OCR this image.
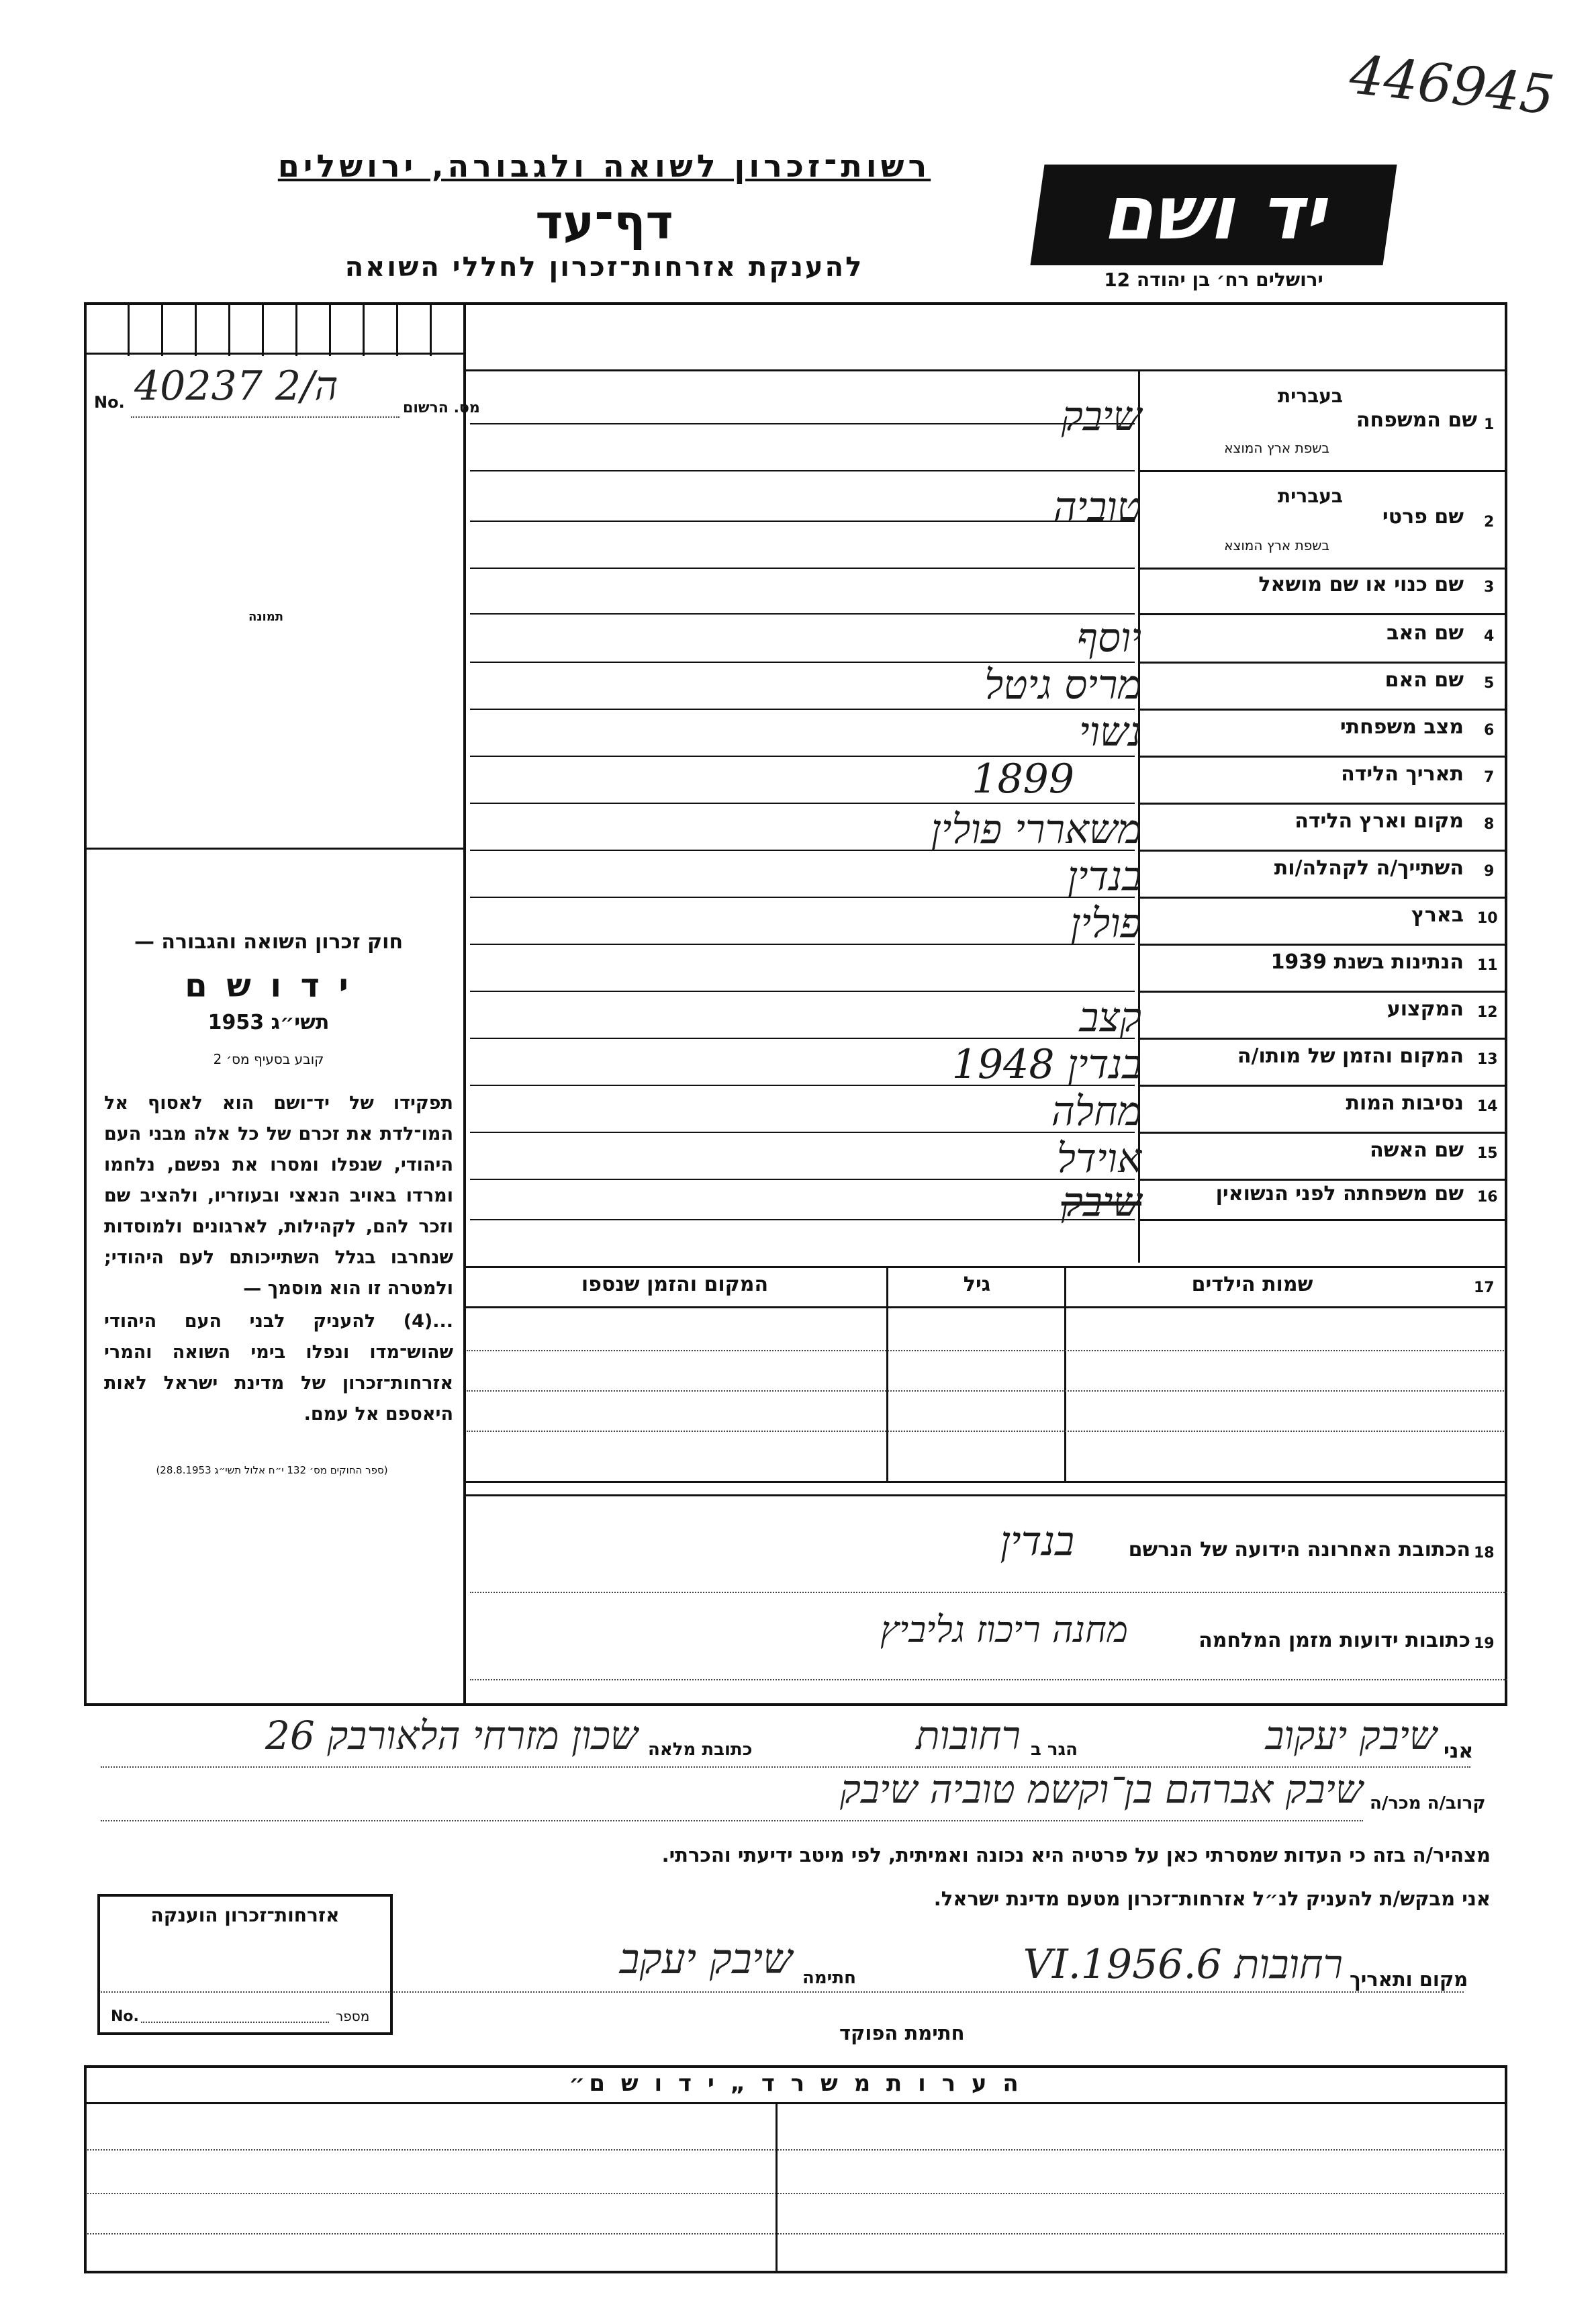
446945
רשות־זכרון לשואה ולגבורה, ירושלים
דף־עד
להענקת אזרחות־זכרון לחללי השואה
יד ושם
ירושלים רח׳ בן יהודה 12
No. 40237 2/ה	מס. הרשום
תמונה
1
שם המשפחה
בעברית
בשפת ארץ המוצא
שיבק
2
שם פרטי
בעברית
בשפת ארץ המוצא
טוביה
3
שם כנוי או שם מושאל
4
שם האב
יוסף
5
שם האם
מריס גיטל
6
מצב משפחתי
נשוי
7
תאריך הלידה
1899
8
מקום וארץ הלידה
משאררי פולין
9
השתייך/ה לקהלה/ות
בנדין
10
בארץ
פולין
11
הנתינות בשנת 1939
12
המקצוע
קצב
13
המקום והזמן של מותו/ה
בנדין 1948
14
נסיבות המות
מחלה
15
שם האשה
אוידל
16
שם משפחתה לפני הנשואין
שיבק
17
שמות הילדים
גיל
המקום והזמן שנספו
18
הכתובת האחרונה הידועה של הנרשם
בנדין
19
כתובות ידועות מזמן המלחמה
מחנה ריכוז גליביץ
חוק זכרון השואה והגבורה —
י ד ו ש ם
תשי״ג 1953
קובע בסעיף מס׳ 2
תפקידו של יד־ושם הוא לאסוף אל המו־לדת את זכרם של כל אלה מבני העם היהודי, שנפלו ומסרו את נפשם, נלחמו ומרדו באויב הנאצי ובעוזריו, ולהציב שם וזכר להם, לקהילות, לארגונים ולמוסדות שנחרבו בגלל השתייכותם לעם היהודי; ולמטרה זו הוא מוסמך —
...(4) להעניק לבני העם היהודי שהוש־מדו ונפלו בימי השואה והמרי אזרחות־זכרון של מדינת ישראל לאות היאספם אל עמם.
(ספר החוקים מס׳ 132 י״ח אלול תשי״ג 28.8.1953)
אני
שיבק יעקוב
הגר ב
רחובות
כתובת מלאה
שכון מזרחי הלאורבק 26
קרוב/ה מכר/ה
שיבק אברהם בן־וקשמ טוביה שיבק
מצהיר/ה בזה כי העדות שמסרתי כאן על פרטיה היא נכונה ואמיתית, לפי מיטב ידיעתי והכרתי.
אני מבקש/ת להעניק לנ״ל אזרחות־זכרון מטעם מדינת ישראל.
מקום ותאריך
רחובות 6.VI.1956
חתימה
שיבק יעקב
חתימת הפוקד
אזרחות־זכרון הוענקה
No.	מספר
ה ע ר ו ת מ ש ר ד „ י ד ו ש ם״
